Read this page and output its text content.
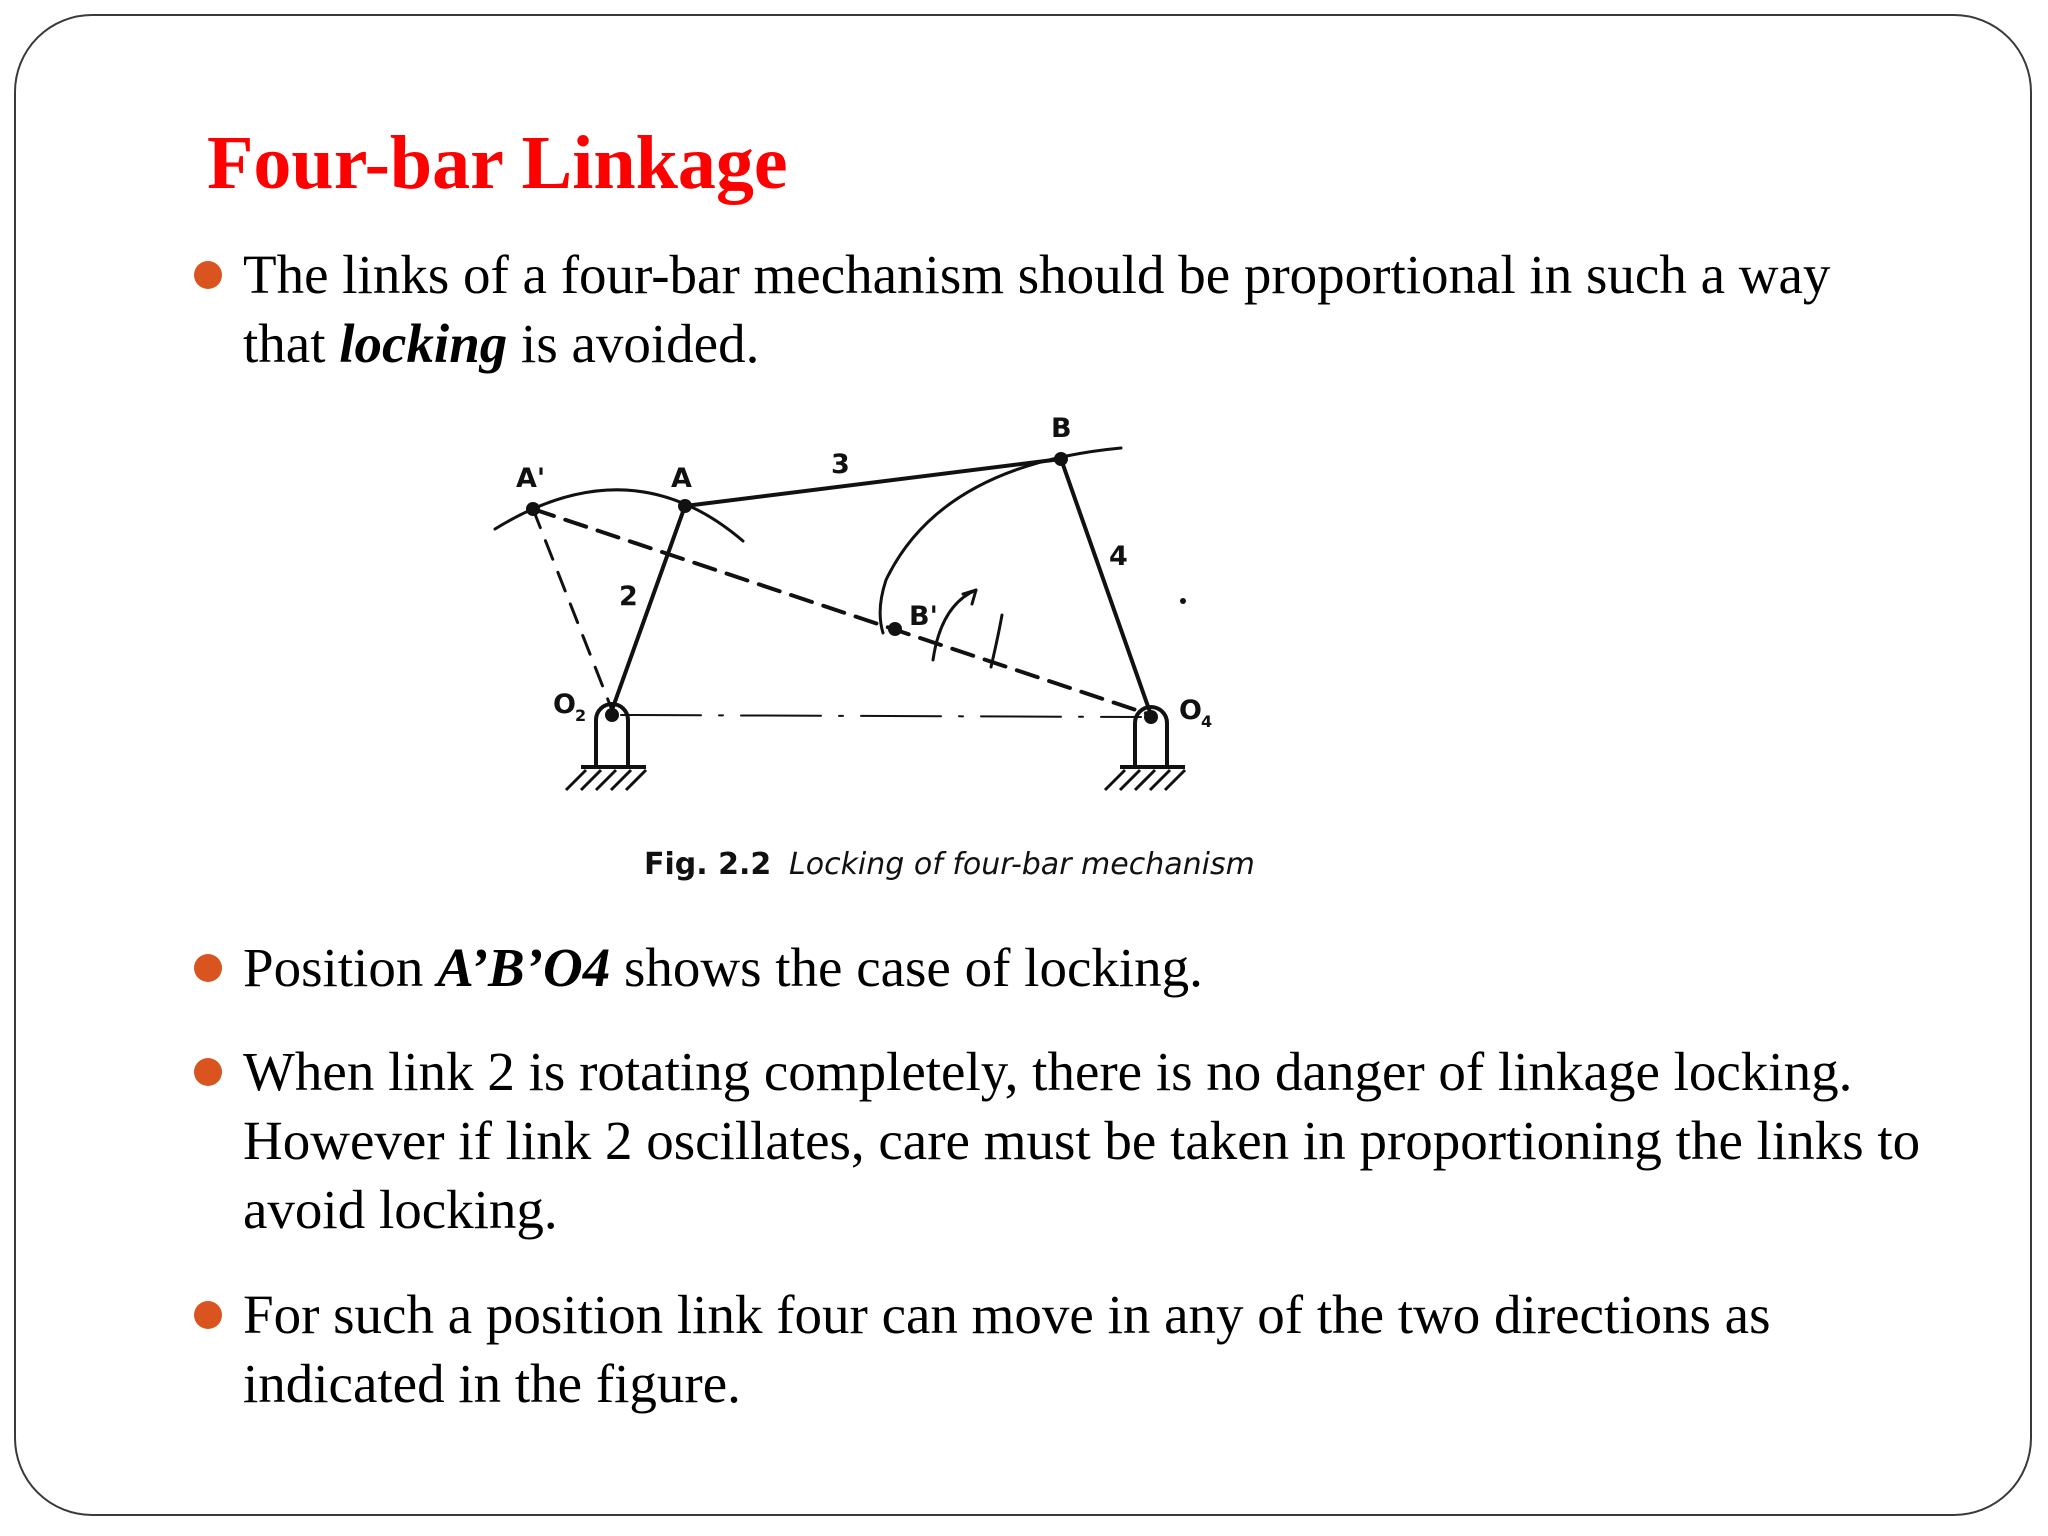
Four-bar Linkage
The links of a four-bar mechanism should be proportional in such a way that locking is avoided.
A'	A
B
B'
3
2
4
O 2	O 4
Fig. 2.2 Locking of four-bar mechanism
Position A’B’O4 shows the case of locking.
When link 2 is rotating completely, there is no danger of linkage locking. However if link 2 oscillates, care must be taken in proportioning the links to avoid locking.
For such a position link four can move in any of the two directions as indicated in the figure.
